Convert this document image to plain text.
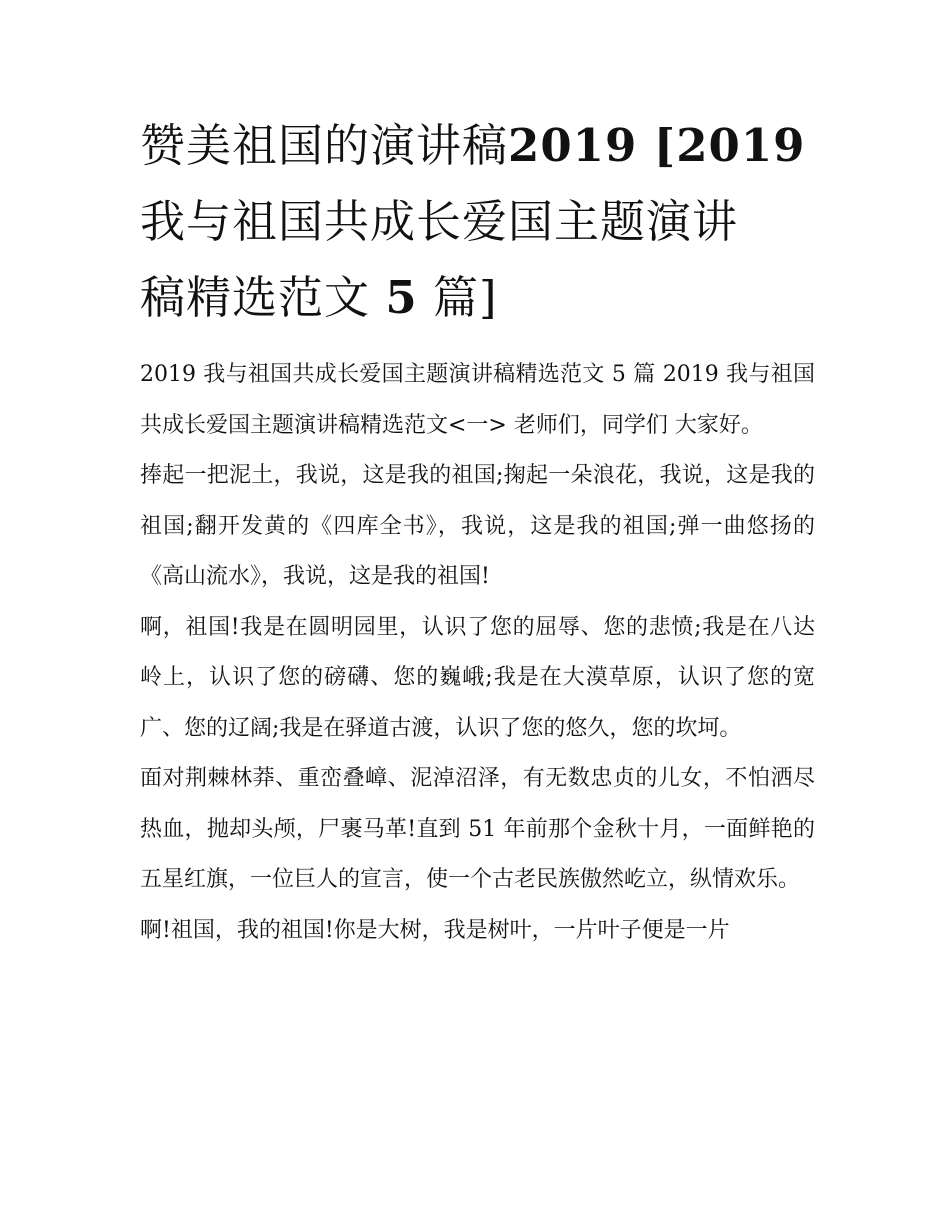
赞美祖国的演讲稿2019 [2019
我与祖国共成长爱国主题演讲
稿精选范文 5 篇]

2019 我与祖国共成长爱国主题演讲稿精选范文 5 篇 2019 我与祖国共成长爱国主题演讲稿精选范文<一> 老师们，同学们 大家好。

捧起一把泥土，我说，这是我的祖国;掬起一朵浪花，我说，这是我的祖国;翻开发黄的《四库全书》，我说，这是我的祖国;弹一曲悠扬的《高山流水》，我说，这是我的祖国!

啊，祖国!我是在圆明园里，认识了您的屈辱、您的悲愤;我是在八达岭上，认识了您的磅礴、您的巍峨;我是在大漠草原，认识了您的宽广、您的辽阔;我是在驿道古渡，认识了您的悠久，您的坎坷。

面对荆棘林莽、重峦叠嶂、泥淖沼泽，有无数忠贞的儿女，不怕洒尽热血，抛却头颅，尸裹马革!直到 51 年前那个金秋十月，一面鲜艳的五星红旗，一位巨人的宣言，使一个古老民族傲然屹立，纵情欢乐。

啊!祖国，我的祖国!你是大树，我是树叶，一片叶子便是一片
